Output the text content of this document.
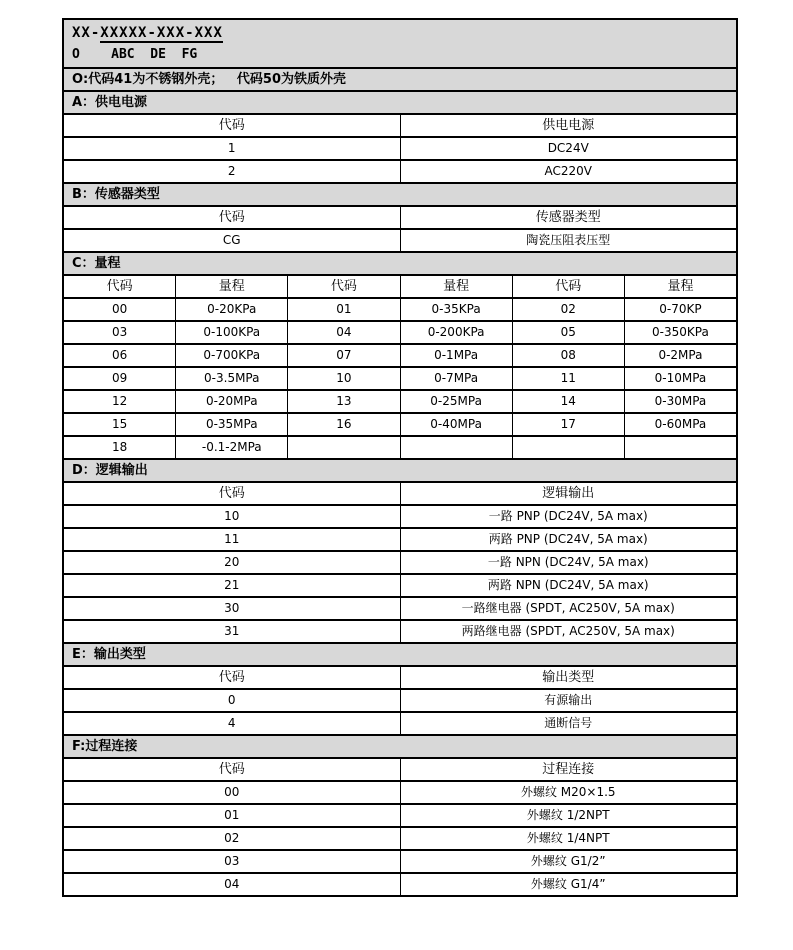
XX-XXXXX-XXX-XXX
O    ABC  DE  FG
O:代码41为不锈钢外壳；   代码50为铁质外壳
A：供电电源
代码	供电电源
1	DC24V
2	AC220V
B：传感器类型
代码	传感器类型
CG	陶瓷压阻表压型
C：量程
代码	量程	代码	量程	代码	量程
00	0-20KPa	01	0-35KPa	02	0-70KP
03	0-100KPa	04	0-200KPa	05	0-350KPa
06	0-700KPa	07	0-1MPa	08	0-2MPa
09	0-3.5MPa	10	0-7MPa	11	0-10MPa
12	0-20MPa	13	0-25MPa	14	0-30MPa
15	0-35MPa	16	0-40MPa	17	0-60MPa
18	-0.1-2MPa
D：逻辑输出
代码	逻辑输出
10	一路 PNP (DC24V, 5A max)
11	两路 PNP (DC24V, 5A max)
20	一路 NPN (DC24V, 5A max)
21	两路 NPN (DC24V, 5A max)
30	一路继电器 (SPDT, AC250V, 5A max)
31	两路继电器 (SPDT, AC250V, 5A max)
E：输出类型
代码	输出类型
0	有源输出
4	通断信号
F:过程连接
代码	过程连接
00	外螺纹 M20×1.5
01	外螺纹 1/2NPT
02	外螺纹 1/4NPT
03	外螺纹 G1/2”
04	外螺纹 G1/4”
